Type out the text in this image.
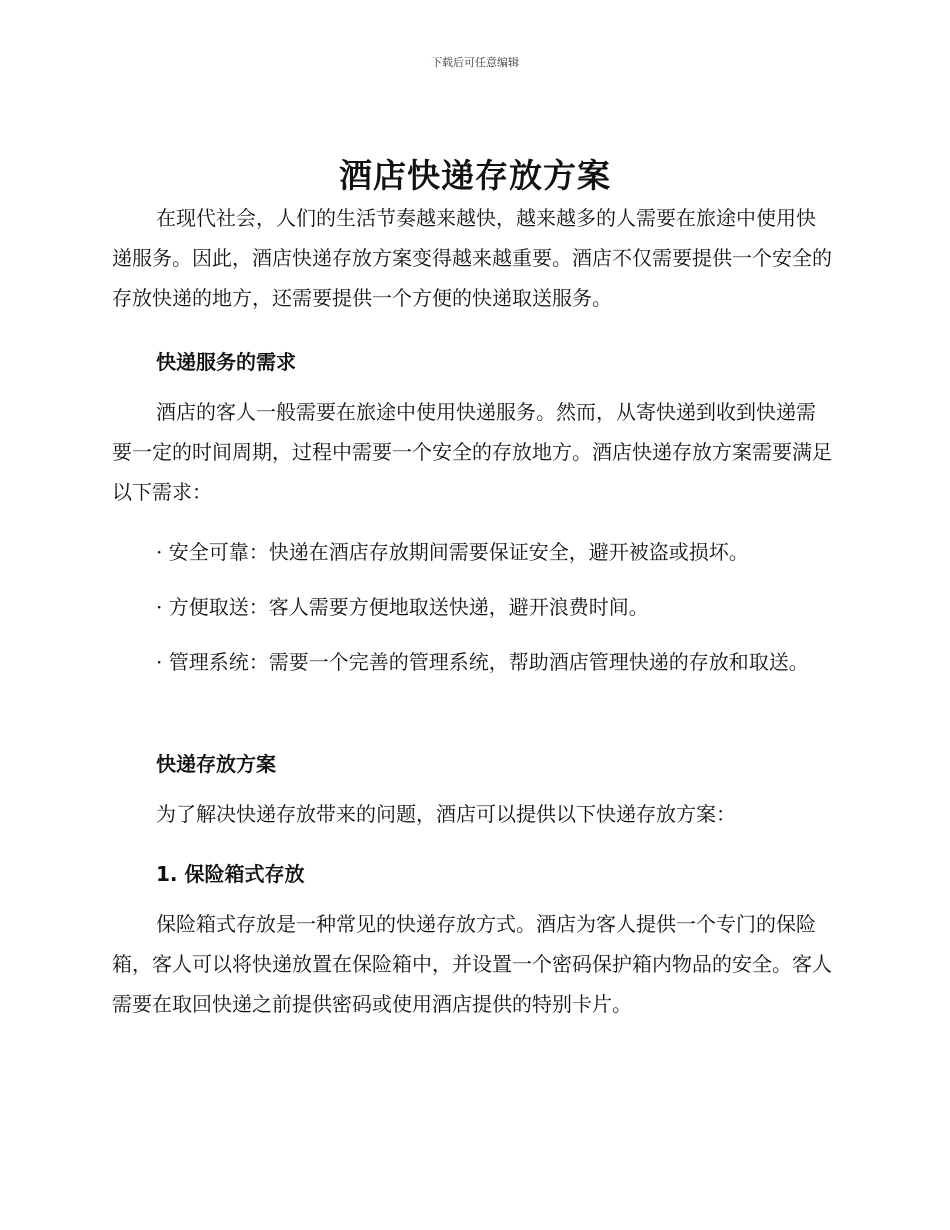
下载后可任意编辑
酒店快递存放方案

在现代社会，人们的生活节奏越来越快，越来越多的人需要在旅途中使用快递服务。因此，酒店快递存放方案变得越来越重要。酒店不仅需要提供一个安全的存放快递的地方，还需要提供一个方便的快递取送服务。

快递服务的需求

酒店的客人一般需要在旅途中使用快递服务。然而，从寄快递到收到快递需要一定的时间周期，过程中需要一个安全的存放地方。酒店快递存放方案需要满足以下需求：

· 安全可靠：快递在酒店存放期间需要保证安全，避开被盗或损坏。

· 方便取送：客人需要方便地取送快递，避开浪费时间。

· 管理系统：需要一个完善的管理系统，帮助酒店管理快递的存放和取送。

快递存放方案

为了解决快递存放带来的问题，酒店可以提供以下快递存放方案：

1. 保险箱式存放

保险箱式存放是一种常见的快递存放方式。酒店为客人提供一个专门的保险箱，客人可以将快递放置在保险箱中，并设置一个密码保护箱内物品的安全。客人需要在取回快递之前提供密码或使用酒店提供的特别卡片。
